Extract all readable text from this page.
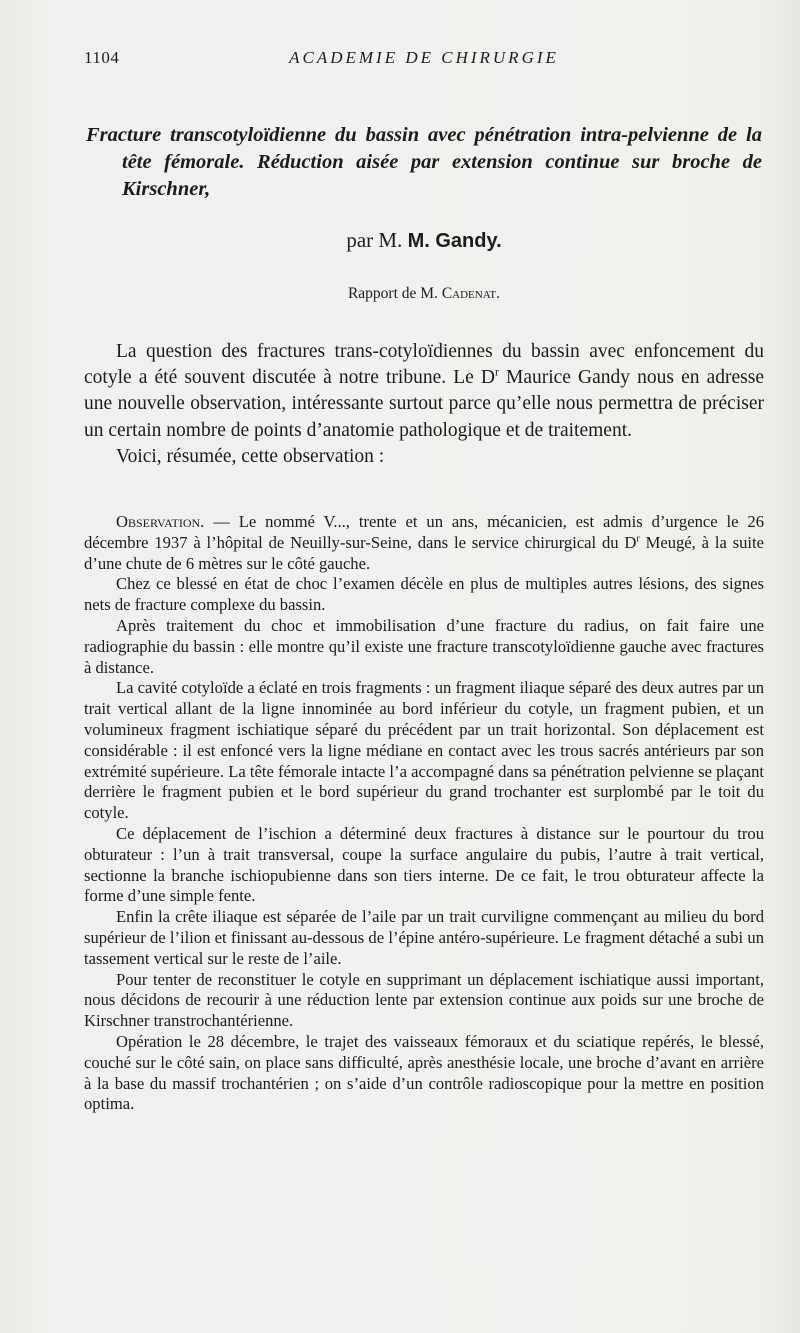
1104	ACADEMIE DE CHIRURGIE

Fracture transcotyloïdienne du bassin avec pénétration intra-pelvienne de la tête fémorale. Réduction aisée par extension continue sur broche de Kirschner,

par M. M. Gandy.
Rapport de M. Cadenat.

La question des fractures trans-cotyloïdiennes du bassin avec enfoncement du cotyle a été souvent discutée à notre tribune. Le $D^r$ Maurice Gandy nous en adresse une nouvelle observation, intéressante surtout parce qu’elle nous permettra de préciser un certain nombre de points d’anatomie pathologique et de traitement.

Voici, résumée, cette observation :

Observation. — Le nommé V..., trente et un ans, mécanicien, est admis d’urgence le 26 décembre 1937 à l’hôpital de Neuilly-sur-Seine, dans le service chirurgical du $D^r$ Meugé, à la suite d’une chute de 6 mètres sur le côté gauche.

Chez ce blessé en état de choc l’examen décèle en plus de multiples autres lésions, des signes nets de fracture complexe du bassin.

Après traitement du choc et immobilisation d’une fracture du radius, on fait faire une radiographie du bassin : elle montre qu’il existe une fracture transcotyloïdienne gauche avec fractures à distance.

La cavité cotyloïde a éclaté en trois fragments : un fragment iliaque séparé des deux autres par un trait vertical allant de la ligne innominée au bord inférieur du cotyle, un fragment pubien, et un volumineux fragment ischiatique séparé du précédent par un trait horizontal. Son déplacement est considérable : il est enfoncé vers la ligne médiane en contact avec les trous sacrés antérieurs par son extrémité supérieure. La tête fémorale intacte l’a accompagné dans sa pénétration pelvienne se plaçant derrière le fragment pubien et le bord supérieur du grand trochanter est surplombé par le toit du cotyle.

Ce déplacement de l’ischion a déterminé deux fractures à distance sur le pourtour du trou obturateur : l’un à trait transversal, coupe la surface angulaire du pubis, l’autre à trait vertical, sectionne la branche ischiopubienne dans son tiers interne. De ce fait, le trou obturateur affecte la forme d’une simple fente.

Enfin la crête iliaque est séparée de l’aile par un trait curviligne commençant au milieu du bord supérieur de l’ilion et finissant au-dessous de l’épine antéro-supérieure. Le fragment détaché a subi un tassement vertical sur le reste de l’aile.

Pour tenter de reconstituer le cotyle en supprimant un déplacement ischiatique aussi important, nous décidons de recourir à une réduction lente par extension continue aux poids sur une broche de Kirschner transtrochantérienne.

Opération le 28 décembre, le trajet des vaisseaux fémoraux et du sciatique repérés, le blessé, couché sur le côté sain, on place sans difficulté, après anesthésie locale, une broche d’avant en arrière à la base du massif trochantérien ; on s’aide d’un contrôle radioscopique pour la mettre en position optima.
